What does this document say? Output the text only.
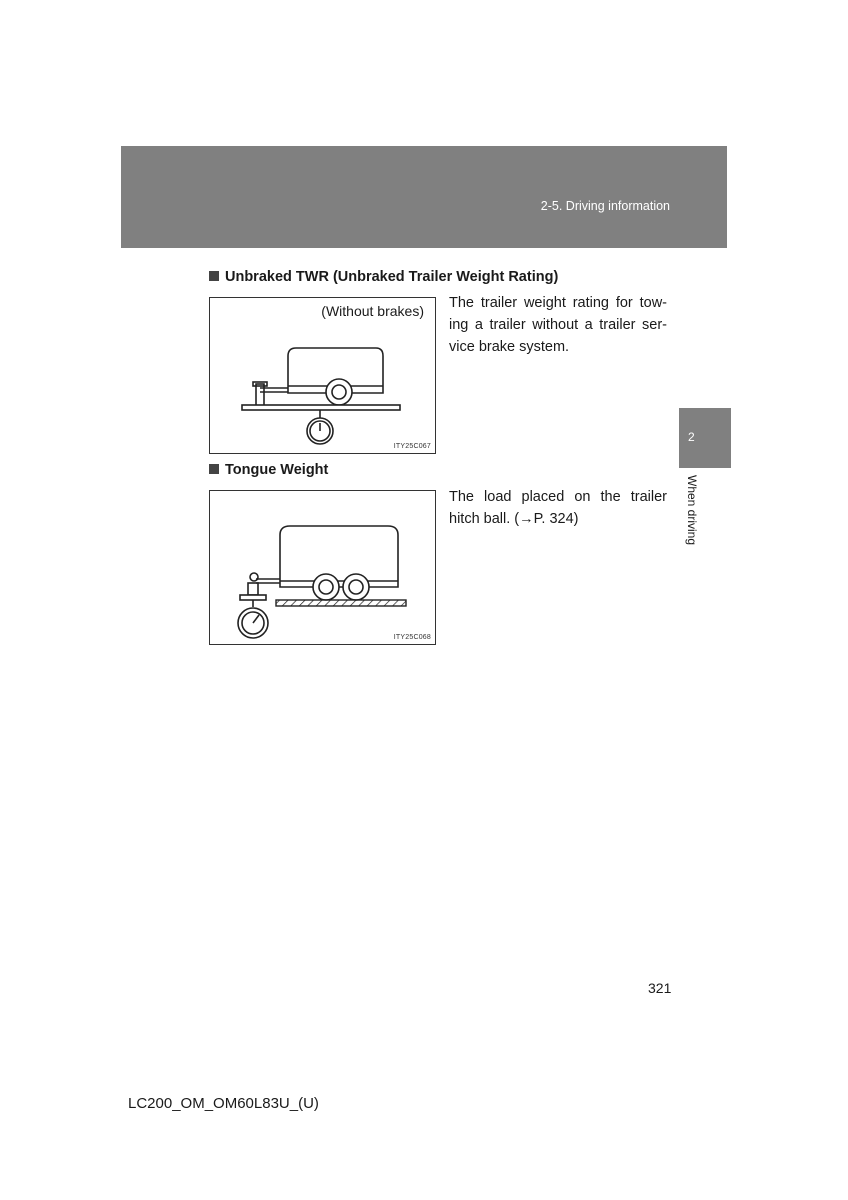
2-5. Driving information
2
When driving
Unbraked TWR (Unbraked Trailer Weight Rating)
(Without brakes)
ITY25C067
The trailer weight rating for tow-ing a trailer without a trailer ser-vice brake system.
Tongue Weight
ITY25C068
The load placed on the trailer hitch ball. (→P. 324)
321
LC200_OM_OM60L83U_(U)
